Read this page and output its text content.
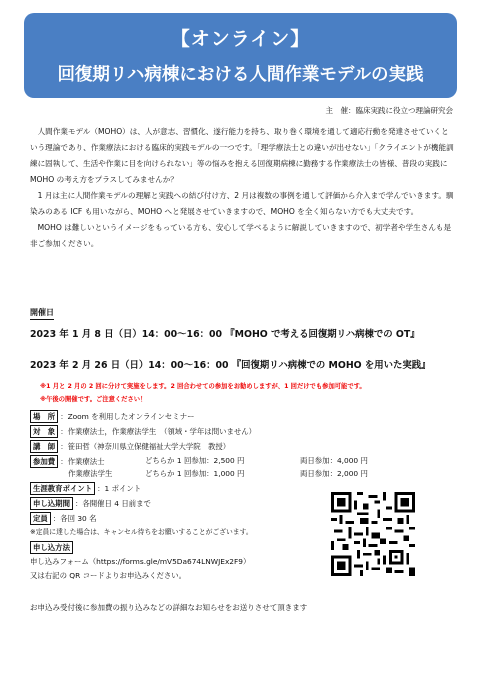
【オンライン】
回復期リハ病棟における人間作業モデルの実践
主　催：臨床実践に役立つ理論研究会

人間作業モデル（MOHO）は、人が意志、習慣化、遂行能力を持ち、取り巻く環境を通して適応行動を発達させていくという理論であり、作業療法における臨床的実践モデルの一つです。「理学療法士との違いが出せない」「クライエントが機能訓練に固執して、生活や作業に目を向けられない」等の悩みを抱える回復期病棟に勤務する作業療法士の皆様、普段の実践に MOHO の考え方をプラスしてみませんか？

1 月は主に人間作業モデルの理解と実践への結び付け方、2 月は複数の事例を通して評価から介入まで学んでいきます。馴染みのある ICF も用いながら、MOHO へと発展させていきますので、MOHO を全く知らない方でも大丈夫です。

MOHO は難しいというイメージをもっている方も、安心して学べるように解説していきますので、初学者や学生さんも是非ご参加ください。

開催日
2023 年 1 月 8 日（日）14：00〜16：00 『MOHO で考える回復期リハ病棟での OT』
2023 年 2 月 26 日（日）14：00〜16：00 『回復期リハ病棟での MOHO を用いた実践』
※1 月と 2 月の 2 回に分けて実施をします。2 回合わせての参加をお勧めしますが、1 回だけでも参加可能です。
※午後の開催です。ご注意ください！
場　所 ：Zoom を利用したオンラインセミナー
対　象 ：作業療法士，作業療法学生　（領域・学年は問いません）
講　師 ：笹田哲（神奈川県立保健福祉大学大学院　教授）
参加費 ：作業療法士	どちらか 1 回参加：2,500 円	両日参加：4,000 円
作業療法学生	どちらか 1 回参加：1,000 円	両日参加：2,000 円
生涯教育ポイント ：1 ポイント
申し込期間 ：各開催日 4 日前まで
定員 ：各回 30 名
※定員に達した場合は、キャンセル待ちをお願いすることがございます。
申し込方法
申し込みフォーム（https://forms.gle/mV5Da674LNWJEx2F9）
又は右記の QR コードよりお申込みください。
お申込み受付後に参加費の振り込みなどの詳細なお知らせをお送りさせて頂きます
